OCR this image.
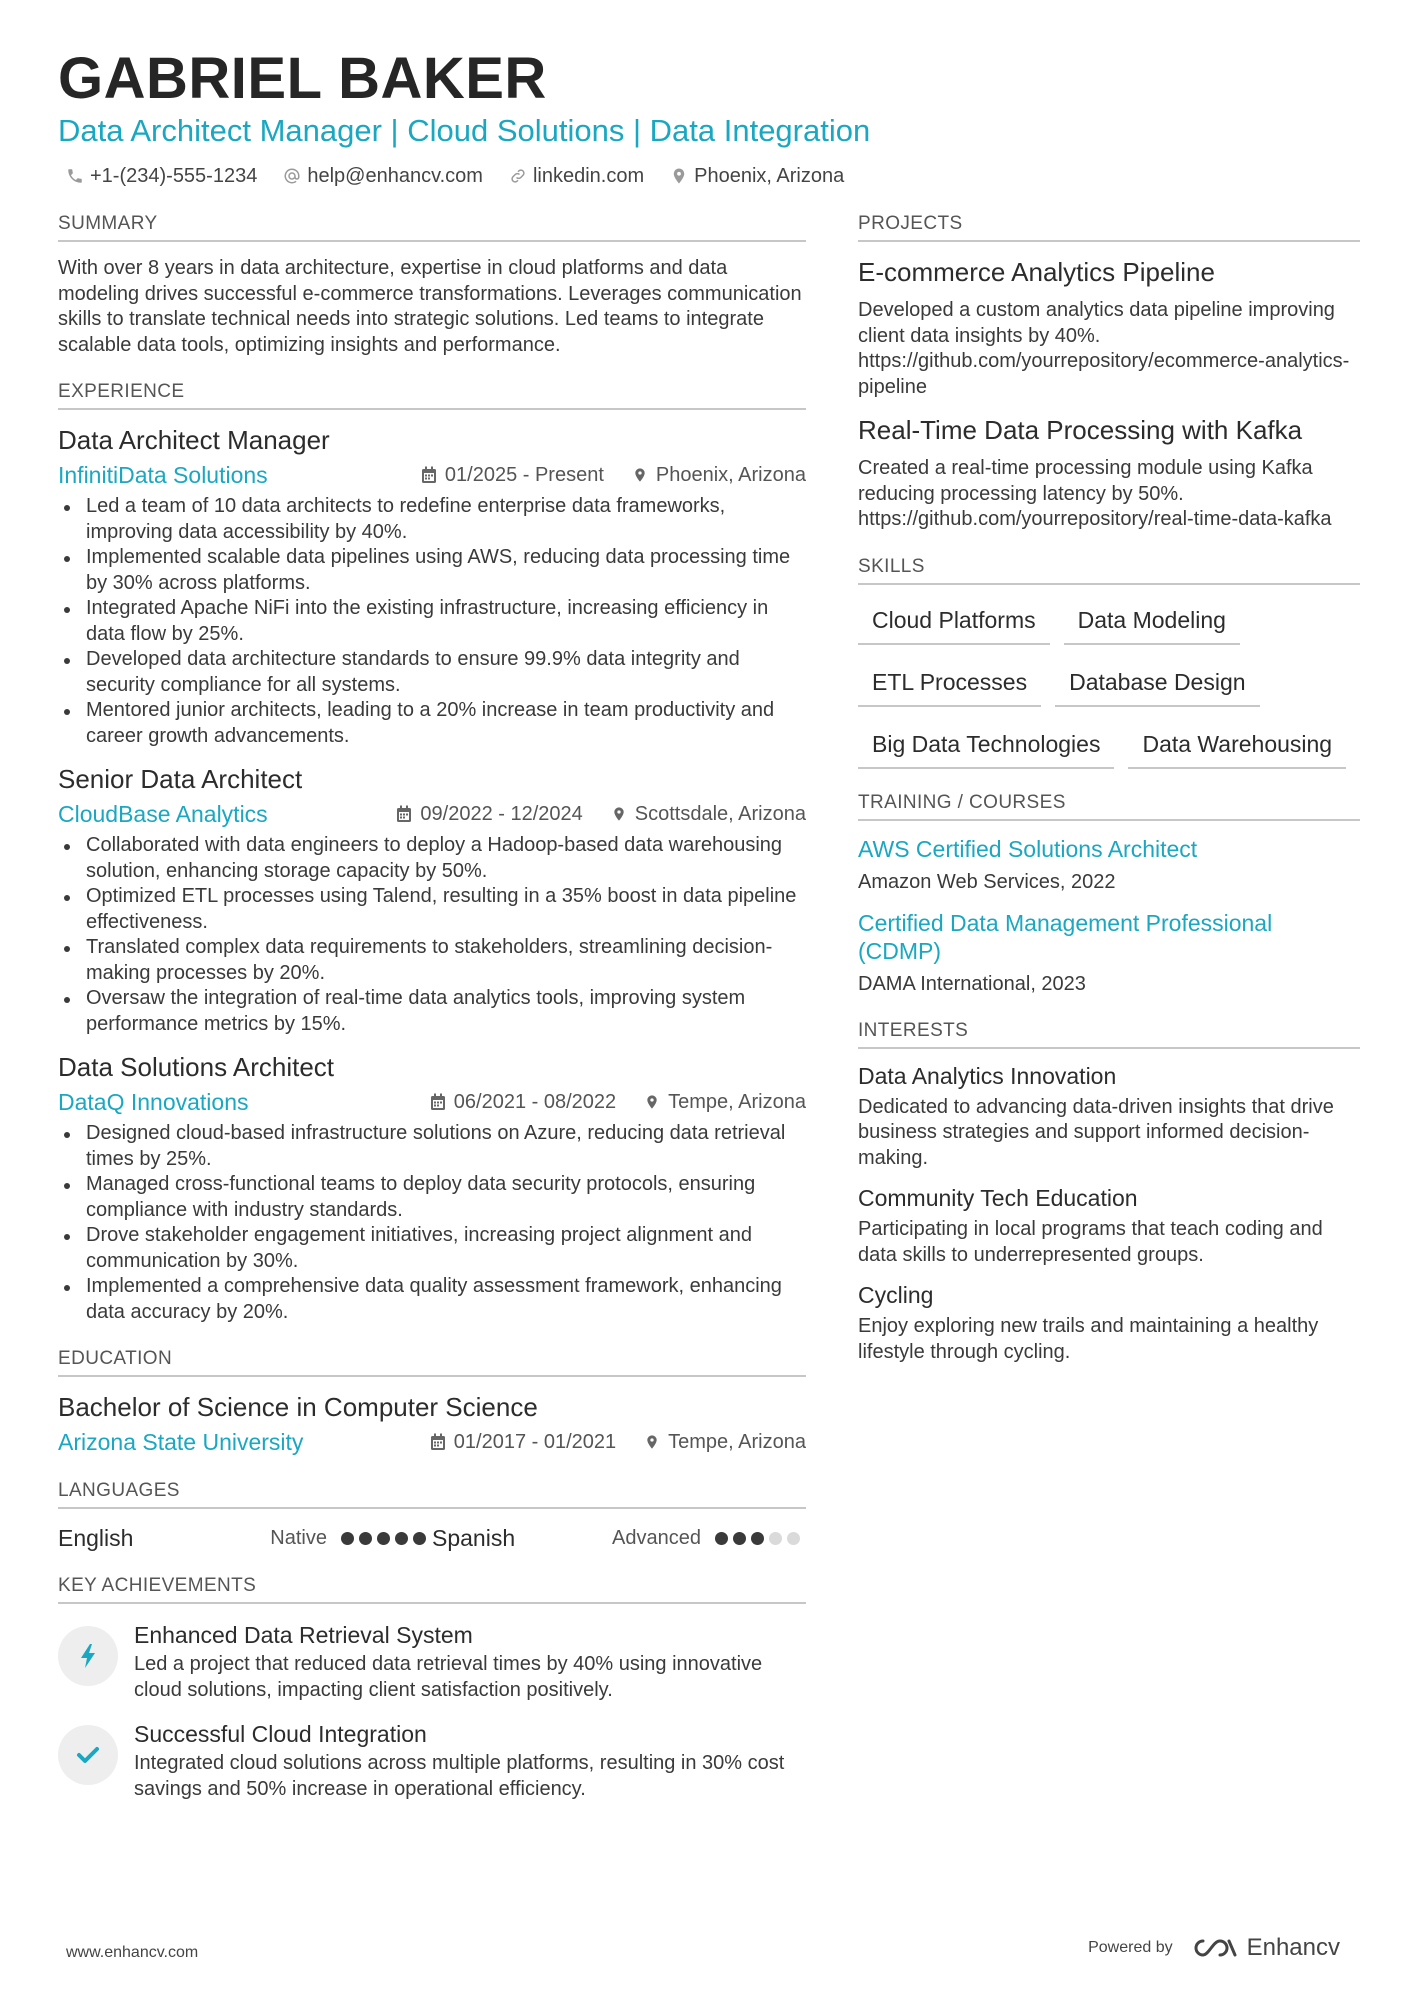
GABRIEL BAKER
Data Architect Manager | Cloud Solutions | Data Integration
+1-(234)-555-1234	help@enhancv.com	linkedin.com	Phoenix, Arizona
SUMMARY
With over 8 years in data architecture, expertise in cloud platforms and data modeling drives successful e-commerce transformations. Leverages communication skills to translate technical needs into strategic solutions. Led teams to integrate scalable data tools, optimizing insights and performance.
EXPERIENCE
Data Architect Manager
InfinitiData Solutions	01/2025 - Present	Phoenix, Arizona
Led a team of 10 data architects to redefine enterprise data frameworks, improving data accessibility by 40%.
Implemented scalable data pipelines using AWS, reducing data processing time by 30% across platforms.
Integrated Apache NiFi into the existing infrastructure, increasing efficiency in data flow by 25%.
Developed data architecture standards to ensure 99.9% data integrity and security compliance for all systems.
Mentored junior architects, leading to a 20% increase in team productivity and career growth advancements.
Senior Data Architect
CloudBase Analytics	09/2022 - 12/2024	Scottsdale, Arizona
Collaborated with data engineers to deploy a Hadoop-based data warehousing solution, enhancing storage capacity by 50%.
Optimized ETL processes using Talend, resulting in a 35% boost in data pipeline effectiveness.
Translated complex data requirements to stakeholders, streamlining decision-making processes by 20%.
Oversaw the integration of real-time data analytics tools, improving system performance metrics by 15%.
Data Solutions Architect
DataQ Innovations	06/2021 - 08/2022	Tempe, Arizona
Designed cloud-based infrastructure solutions on Azure, reducing data retrieval times by 25%.
Managed cross-functional teams to deploy data security protocols, ensuring compliance with industry standards.
Drove stakeholder engagement initiatives, increasing project alignment and communication by 30%.
Implemented a comprehensive data quality assessment framework, enhancing data accuracy by 20%.
EDUCATION
Bachelor of Science in Computer Science
Arizona State University	01/2017 - 01/2021	Tempe, Arizona
LANGUAGES
English	Native	Spanish	Advanced
KEY ACHIEVEMENTS
Enhanced Data Retrieval System
Led a project that reduced data retrieval times by 40% using innovative cloud solutions, impacting client satisfaction positively.
Successful Cloud Integration
Integrated cloud solutions across multiple platforms, resulting in 30% cost savings and 50% increase in operational efficiency.
PROJECTS
E-commerce Analytics Pipeline
Developed a custom analytics data pipeline improving client data insights by 40%. https://github.com/yourrepository/ecommerce-analytics-pipeline
Real-Time Data Processing with Kafka
Created a real-time processing module using Kafka reducing processing latency by 50%. https://github.com/yourrepository/real-time-data-kafka
SKILLS
Cloud Platforms	Data Modeling
ETL Processes	Database Design
Big Data Technologies	Data Warehousing
TRAINING / COURSES
AWS Certified Solutions Architect
Amazon Web Services, 2022
Certified Data Management Professional (CDMP)
DAMA International, 2023
INTERESTS
Data Analytics Innovation
Dedicated to advancing data-driven insights that drive business strategies and support informed decision-making.
Community Tech Education
Participating in local programs that teach coding and data skills to underrepresented groups.
Cycling
Enjoy exploring new trails and maintaining a healthy lifestyle through cycling.
www.enhancv.com	Powered by	Enhancv
